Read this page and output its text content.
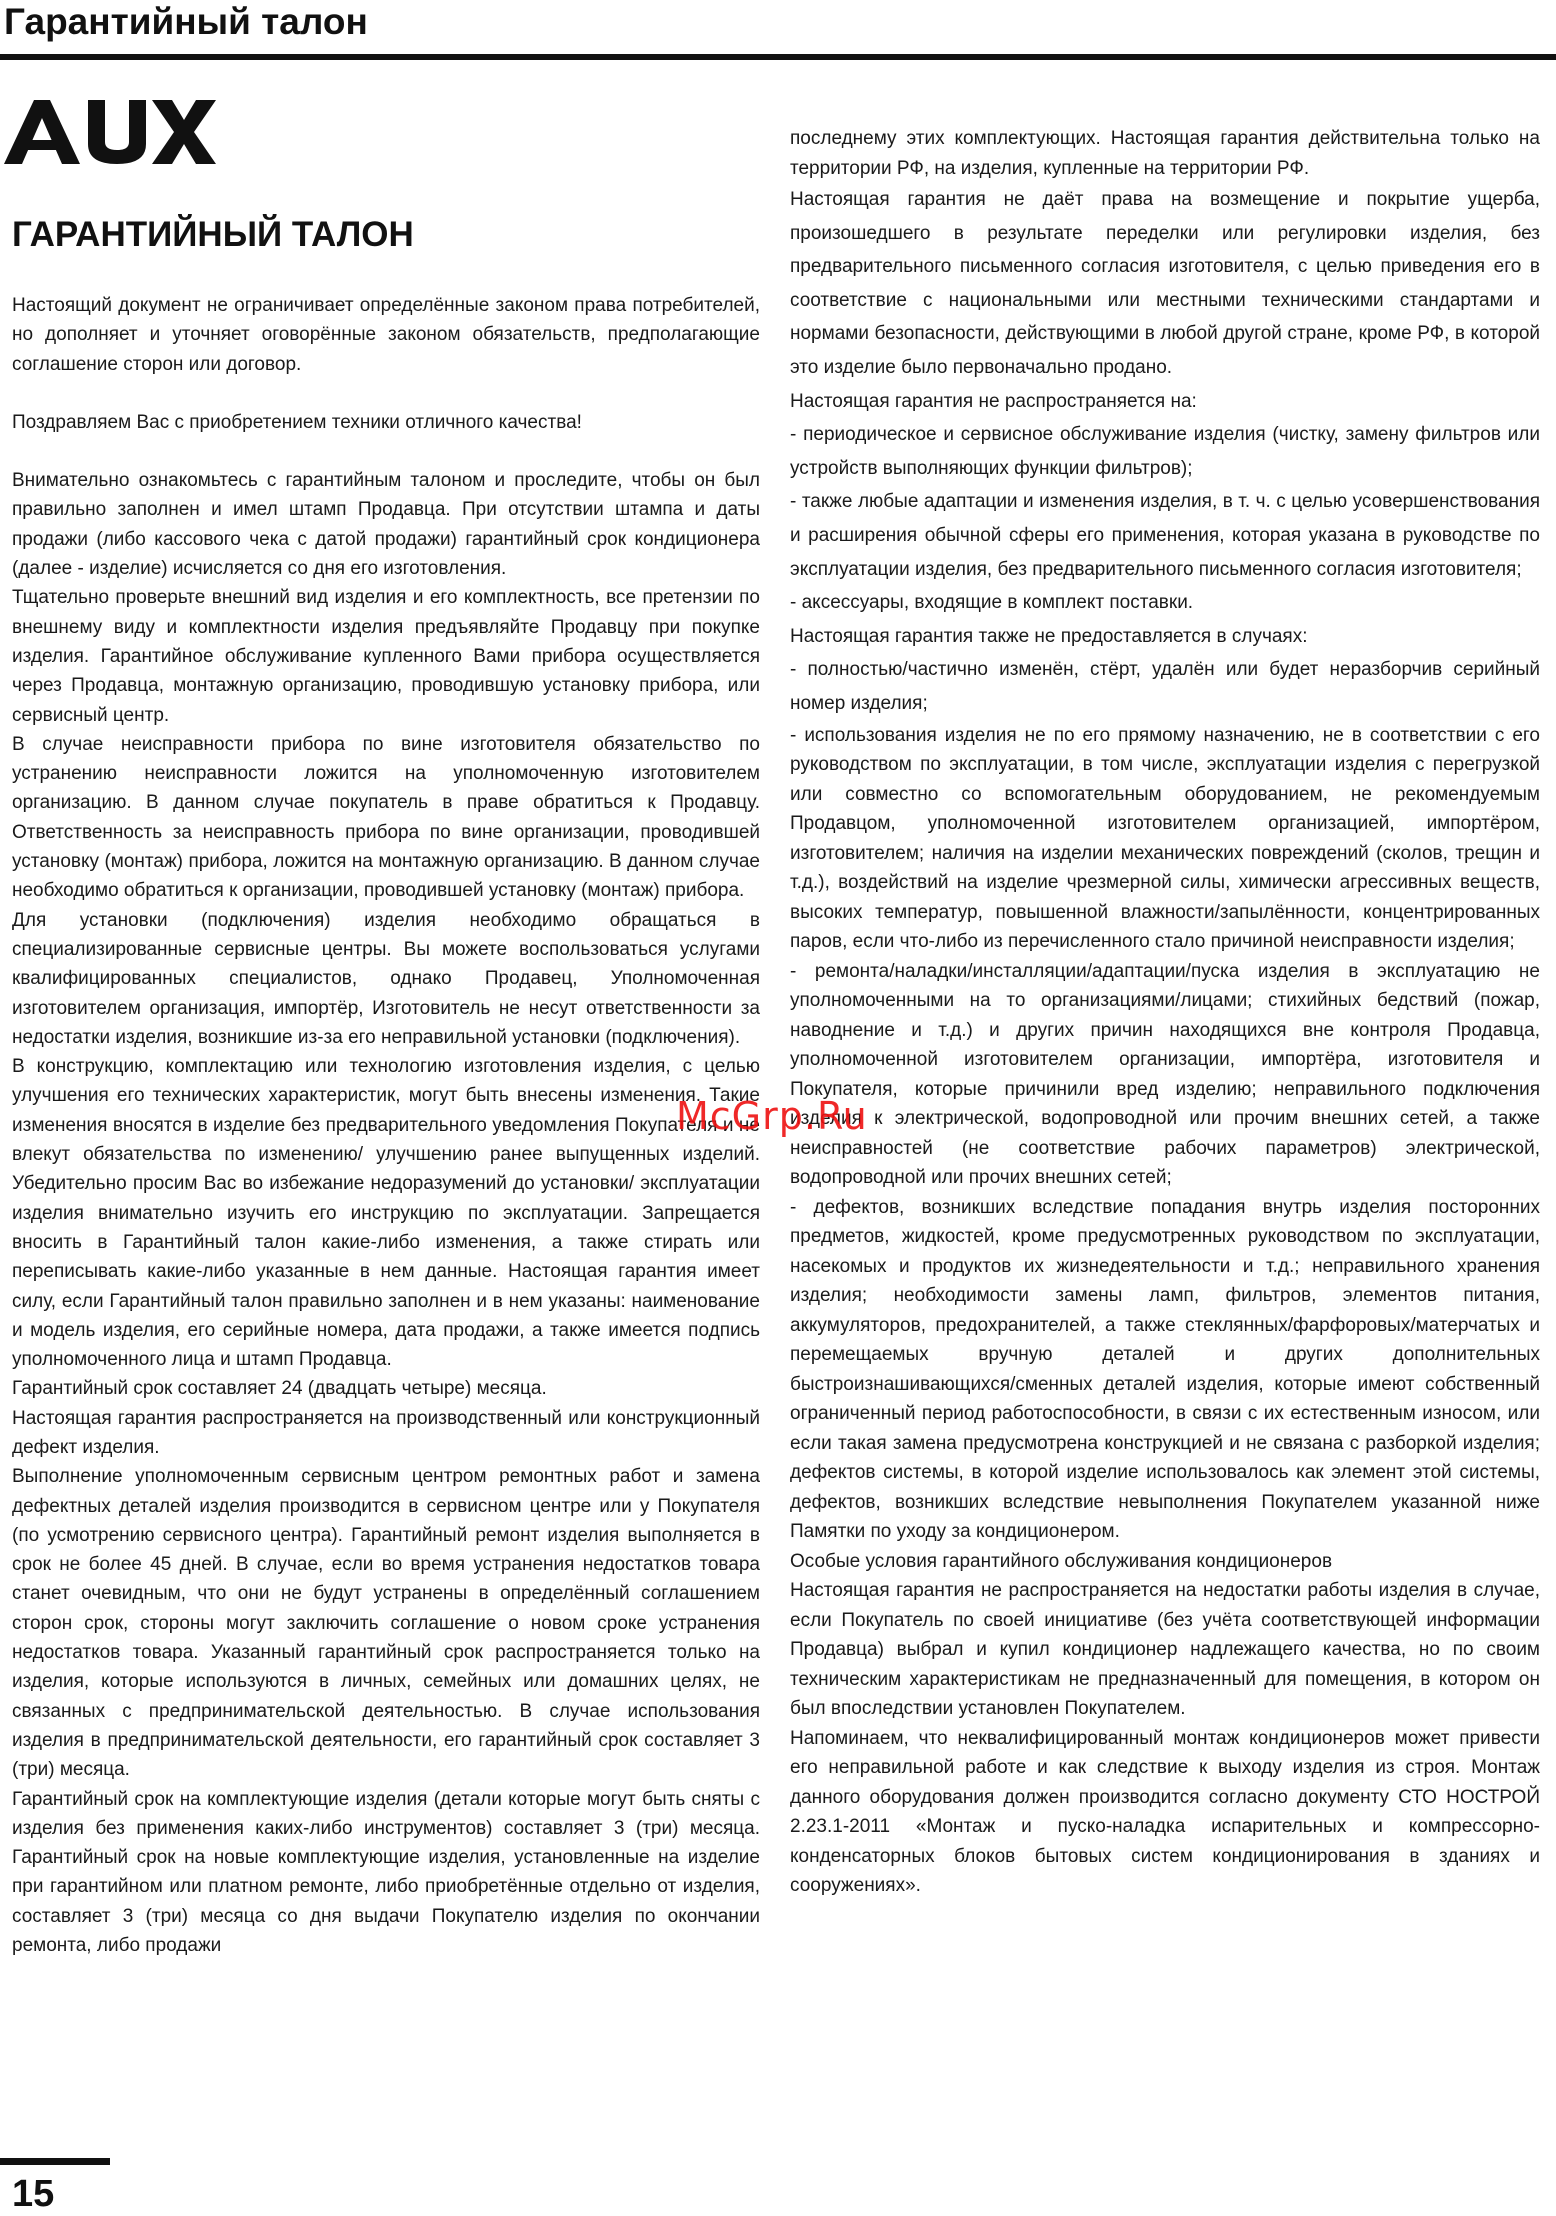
Гарантийный талон
ГАРАНТИЙНЫЙ ТАЛОН

Настоящий документ не ограничивает определённые законом права потребителей, но дополняет и уточняет оговорённые законом обязательств, предполагающие соглашение сторон или договор.

Поздравляем Вас с приобретением техники отличного качества!

Внимательно ознакомьтесь с гарантийным талоном и проследите, чтобы он был правильно заполнен и имел штамп Продавца. При отсутствии штампа и даты продажи (либо кассового чека с датой продажи) гарантийный срок кондиционера (далее - изделие) исчисляется со дня его изготовления.

Тщательно проверьте внешний вид изделия и его комплектность, все претензии по внешнему виду и комплектности изделия предъявляйте Продавцу при покупке изделия. Гарантийное обслуживание купленного Вами прибора осуществляется через Продавца, монтажную организацию, проводившую установку прибора, или сервисный центр.

В случае неисправности прибора по вине изготовителя обязательство по устранению неисправности ложится на уполномоченную изготовителем организацию. В данном случае покупатель в праве обратиться к Продавцу. Ответственность за неисправность прибора по вине организации, проводившей установку (монтаж) прибора, ложится на монтажную организацию. В данном случае необходимо обратиться к организации, проводившей установку (монтаж) прибора.

Для установки (подключения) изделия необходимо обращаться в специализированные сервисные центры. Вы можете воспользоваться услугами квалифицированных специалистов, однако Продавец, Уполномоченная изготовителем организация, импортёр, Изготовитель не несут ответственности за недостатки изделия, возникшие из-за его неправильной установки (подключения).

В конструкцию, комплектацию или технологию изготовления изделия, с целью улучшения его технических характеристик, могут быть внесены изменения. Такие изменения вносятся в изделие без предварительного уведомления Покупателя и не влекут обязательства по изменению/ улучшению ранее выпущенных изделий. Убедительно просим Вас во избежание недоразумений до установки/ эксплуатации изделия внимательно изучить его инструкцию по эксплуатации. Запрещается вносить в Гарантийный талон какие-либо изменения, а также стирать или переписывать какие-либо указанные в нем данные. Настоящая гарантия имеет силу, если Гарантийный талон правильно заполнен и в нем указаны: наименование и модель изделия, его серийные номера, дата продажи, а также имеется подпись уполномоченного лица и штамп Продавца.

Гарантийный срок составляет 24 (двадцать четыре) месяца.

Настоящая гарантия распространяется на производственный или конструкционный дефект изделия.

Выполнение уполномоченным сервисным центром ремонтных работ и замена дефектных деталей изделия производится в сервисном центре или у Покупателя (по усмотрению сервисного центра). Гарантийный ремонт изделия выполняется в срок не более 45 дней. В случае, если во время устранения недостатков товара станет очевидным, что они не будут устранены в определённый соглашением сторон срок, стороны могут заключить соглашение о новом сроке устранения недостатков товара. Указанный гарантийный срок распространяется только на изделия, которые используются в личных, семейных или домашних целях, не связанных с предпринимательской деятельностью. В случае использования изделия в предпринимательской деятельности, его гарантийный срок составляет 3 (три) месяца.

Гарантийный срок на комплектующие изделия (детали которые могут быть сняты с изделия без применения каких-либо инструментов) составляет 3 (три) месяца. Гарантийный срок на новые комплектующие изделия, установленные на изделие при гарантийном или платном ремонте, либо приобретённые отдельно от изделия, составляет 3 (три) месяца со дня выдачи Покупателю изделия по окончании ремонта, либо продажи

последнему этих комплектующих. Настоящая гарантия действительна только на территории РФ, на изделия, купленные на территории РФ.

Настоящая гарантия не даёт права на возмещение и покрытие ущерба, произошедшего в результате переделки или регулировки изделия, без предварительного письменного согласия изготовителя, с целью приведения его в соответствие с национальными или местными техническими стандартами и нормами безопасности, действующими в любой другой стране, кроме РФ, в которой это изделие было первоначально продано.

Настоящая гарантия не распространяется на:

- периодическое и сервисное обслуживание изделия (чистку, замену фильтров или устройств выполняющих функции фильтров);

- также любые адаптации и изменения изделия, в т. ч. с целью усовершенствования и расширения обычной сферы его применения, которая указана в руководстве по эксплуатации изделия, без предварительного письменного согласия изготовителя;

- аксессуары, входящие в комплект поставки.

Настоящая гарантия также не предоставляется в случаях:

- полностью/частично изменён, стёрт, удалён или будет неразборчив серийный номер изделия;

- использования изделия не по его прямому назначению, не в соответствии с его руководством по эксплуатации, в том числе, эксплуатации изделия с перегрузкой или совместно со вспомогательным оборудованием, не рекомендуемым Продавцом, уполномоченной изготовителем организацией, импортёром, изготовителем; наличия на изделии механических повреждений (сколов, трещин и т.д.), воздействий на изделие чрезмерной силы, химически агрессивных веществ, высоких температур, повышенной влажности/запылённости, концентрированных паров, если что-либо из перечисленного стало причиной неисправности изделия;

- ремонта/наладки/инсталляции/адаптации/пуска изделия в эксплуатацию не уполномоченными на то организациями/лицами; стихийных бедствий (пожар, наводнение и т.д.) и других причин находящихся вне контроля Продавца, уполномоченной изготовителем организации, импортёра, изготовителя и Покупателя, которые причинили вред изделию; неправильного подключения изделия к электрической, водопроводной или прочим внешних сетей, а также неисправностей (не соответствие рабочих параметров) электрической, водопроводной или прочих внешних сетей;

- дефектов, возникших вследствие попадания внутрь изделия посторонних предметов, жидкостей, кроме предусмотренных руководством по эксплуатации, насекомых и продуктов их жизнедеятельности и т.д.; неправильного хранения изделия; необходимости замены ламп, фильтров, элементов питания, аккумуляторов, предохранителей, а также стеклянных/фарфоровых/матерчатых и перемещаемых вручную деталей и других дополнительных быстроизнашивающихся/сменных деталей изделия, которые имеют собственный ограниченный период работоспособности, в связи с их естественным износом, или если такая замена предусмотрена конструкцией и не связана с разборкой изделия; дефектов системы, в которой изделие использовалось как элемент этой системы, дефектов, возникших вследствие невыполнения Покупателем указанной ниже Памятки по уходу за кондиционером.

Особые условия гарантийного обслуживания кондиционеров

Настоящая гарантия не распространяется на недостатки работы изделия в случае, если Покупатель по своей инициативе (без учёта соответствующей информации Продавца) выбрал и купил кондиционер надлежащего качества, но по своим техническим характеристикам не предназначенный для помещения, в котором он был впоследствии установлен Покупателем.

Напоминаем, что неквалифицированный монтаж кондиционеров может привести его неправильной работе и как следствие к выходу изделия из строя. Монтаж данного оборудования должен производится согласно документу СТО НОСТРОЙ 2.23.1-2011 «Монтаж и пуско-наладка испарительных и компрессорно-конденсаторных блоков бытовых систем кондиционирования в зданиях и сооружениях».

McGrp.Ru
15
